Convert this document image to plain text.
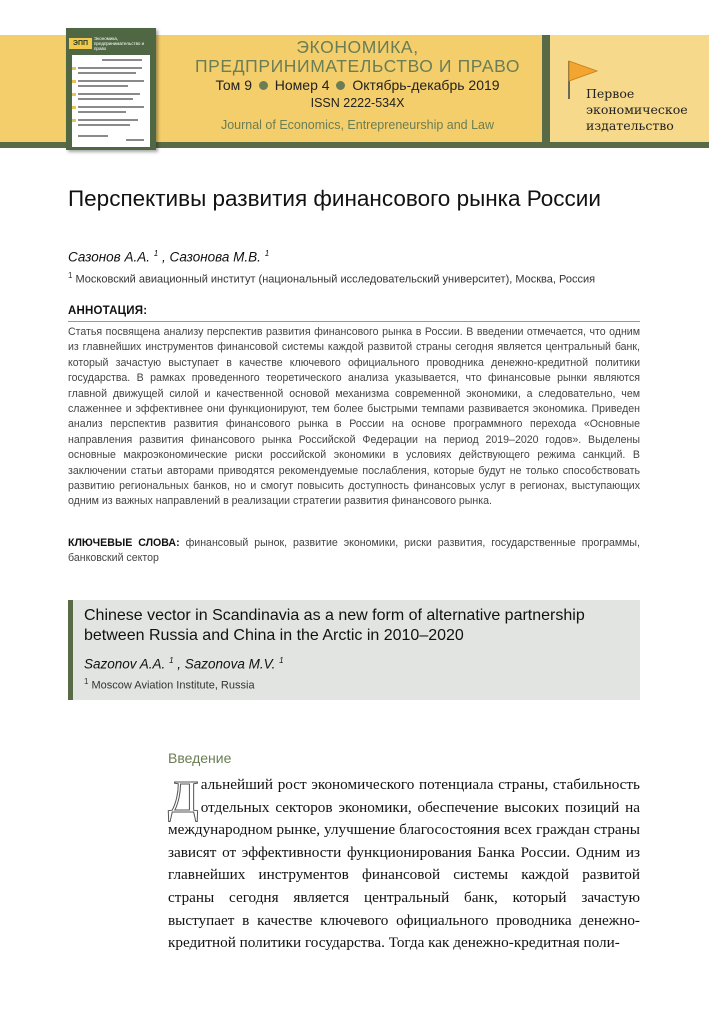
ЭПП
Экономика, предпринимательство и право	ЭКОНОМИКА,
ПРЕДПРИНИМАТЕЛЬСТВО И ПРАВО
Том 9 Номер 4 Октябрь-декабрь 2019
ISSN 2222-534X
Journal of Economics, Entrepreneurship and Law
Первое
экономическое
издательство
Перспективы развития финансового рынка России
Сазонов А.А. $^1$ , Сазонова М.В. $^1$
$^1$ Московский авиационный институт (национальный исследовательский университет), Москва, Россия
АННОТАЦИЯ:
Статья посвящена анализу перспектив развития финансового рынка в России. В введении отмечается, что одним из главнейших инструментов финансовой системы каждой развитой страны сегодня является центральный банк, который зачастую выступает в качестве ключевого официального проводника денежно-кредитной политики государства. В рамках проведенного теоретического анализа указывается, что финансовые рынки являются главной движущей силой и качественной основой механизма современной экономики, а следовательно, чем слаженнее и эффективнее они функционируют, тем более быстрыми темпами развивается экономика. Приведен анализ перспектив развития финансового рынка в России на основе программного перехода «Основные направления развития финансового рынка Российской Федерации на период 2019–2020 годов». Выделены основные макроэкономические риски российской экономики в условиях действующего режима санкций. В заключении статьи авторами приводятся рекомендуемые послабления, которые будут не только способствовать развитию региональных банков, но и смогут повысить доступность финансовых услуг в регионах, выступающих одним из важных направлений в реализации стратегии развития финансового рынка.
КЛЮЧЕВЫЕ СЛОВА: финансовый рынок, развитие экономики, риски развития, государственные программы, банковский сектор
Chinese vector in Scandinavia as a new form of alternative partnership between Russia and China in the Arctic in 2010–2020
Sazonov A.A. $^1$ , Sazonova M.V. $^1$
$^1$ Moscow Aviation Institute, Russia
Введение

Дальнейший рост экономического потенциала страны, стабильность отдельных секторов экономики, обеспечение высоких позиций на международном рынке, улучшение благосостояния всех граждан страны зависят от эффективности функционирования Банка России. Одним из главнейших инструментов финансовой системы каждой развитой страны сегодня является центральный банк, который зачастую выступает в качестве ключевого официального проводника денежно-кредитной политики государства. Тогда как денежно-кредитная поли-
